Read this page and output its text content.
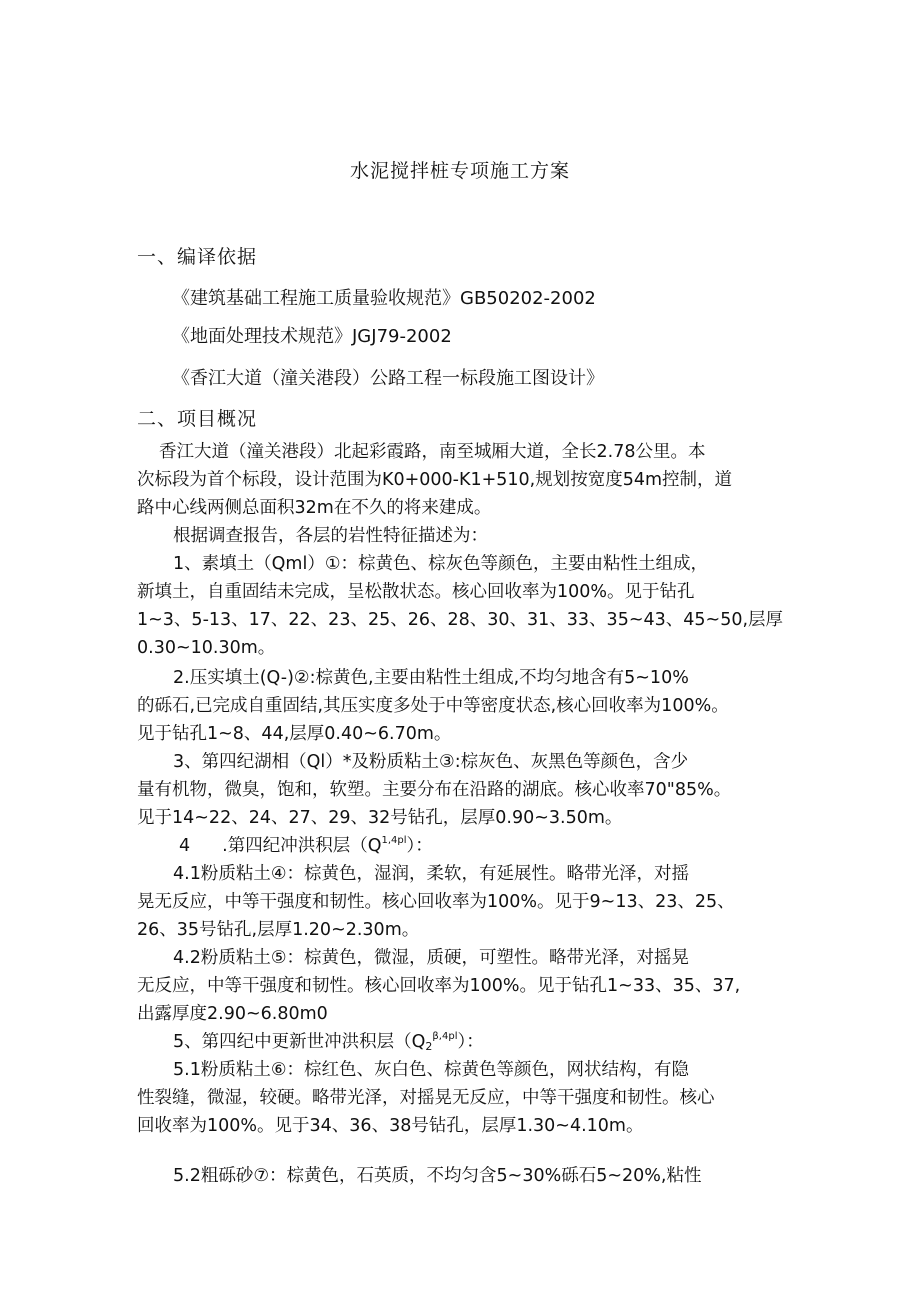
水泥搅拌桩专项施工方案
一、编译依据
《建筑基础工程施工质量验收规范》GB50202-2002
《地面处理技术规范》JGJ79-2002
《香江大道（潼关港段）公路工程一标段施工图设计》
二、项目概况
香江大道（潼关港段）北起彩霞路，南至城厢大道，全长2.78公里。本
次标段为首个标段，设计范围为K0+000-K1+510,规划按宽度54m控制，道
路中心线两侧总面积32m在不久的将来建成。
根据调查报告，各层的岩性特征描述为：
1、素填土（Qml）①：棕黄色、棕灰色等颜色，主要由粘性土组成，
新填土，自重固结未完成，呈松散状态。核心回收率为100%。见于钻孔
1~3、5-13、17、22、23、25、26、28、30、31、33、35~43、45~50,层厚
0.30~10.30m。
2.压实填土(Q-)②:棕黄色,主要由粘性土组成,不均匀地含有5~10%
的砾石,已完成自重固结,其压实度多处于中等密度状态,核心回收率为100%。
见于钻孔1~8、44,层厚0.40~6.70m。
3、第四纪湖相（Ql）*及粉质粘土③:棕灰色、灰黑色等颜色，含少
量有机物，微臭，饱和，软塑。主要分布在沿路的湖底。核心收率70"85%。
见于14~22、24、27、29、32号钻孔，层厚0.90~3.50m。
4 .第四纪冲洪积层$(Q^{1,4pl})$：
4.1粉质粘土④：棕黄色，湿润，柔软，有延展性。略带光泽，对摇
晃无反应，中等干强度和韧性。核心回收率为100%。见于9~13、23、25、
26、35号钻孔,层厚1.20~2.30m。
4.2粉质粘土⑤：棕黄色，微湿，质硬，可塑性。略带光泽，对摇晃
无反应，中等干强度和韧性。核心回收率为100%。见于钻孔1~33、35、37,
出露厚度2.90~6.80m0
5、第四纪中更新世冲洪积层$(Q_2^{\beta,4pl})$：
5.1粉质粘土⑥：棕红色、灰白色、棕黄色等颜色，网状结构，有隐
性裂缝，微湿，较硬。略带光泽，对摇晃无反应，中等干强度和韧性。核心
回收率为100%。见于34、36、38号钻孔，层厚1.30~4.10m。
5.2粗砾砂⑦：棕黄色，石英质，不均匀含5~30%砾石5~20%,粘性
